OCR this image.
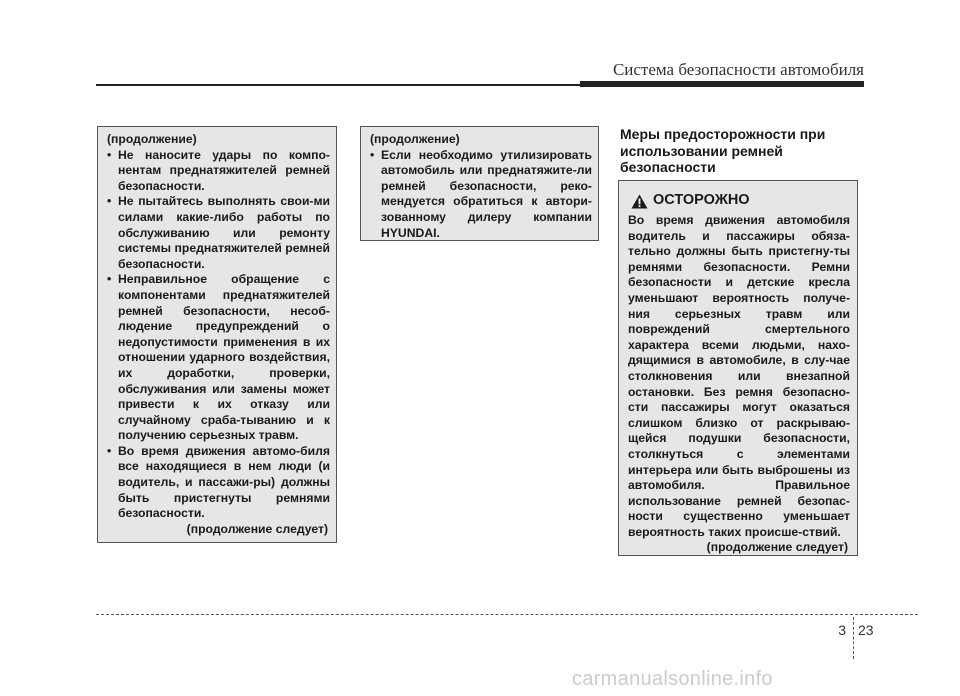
Система безопасности автомобиля
(продолжение)
• Не наносите удары по компо-нентам преднатяжителей ремней безопасности.
• Не пытайтесь выполнять свои-ми силами какие-либо работы по обслуживанию или ремонту системы преднатяжителей ремней безопасности.
• Неправильное обращение с компонентами преднатяжителей ремней безопасности, несоб-людение предупреждений о недопустимости применения в их отношении ударного воздействия, их доработки, проверки, обслуживания или замены может привести к их отказу или случайному сраба-тыванию и к получению серьезных травм.
• Во время движения автомо-биля все находящиеся в нем люди (и водитель, и пассажи-ры) должны быть пристегнуты ремнями безопасности.
(продолжение следует)
(продолжение)
• Если необходимо утилизировать автомобиль или преднатяжите-ли ремней безопасности, реко-мендуется обратиться к автори-зованному дилеру компании HYUNDAI.
Меры предосторожности при использовании ремней безопасности
ОСТОРОЖНО

Во время движения автомобиля водитель и пассажиры обяза-тельно должны быть пристегну-ты ремнями безопасности. Ремни безопасности и детские кресла уменьшают вероятность получе-ния серьезных травм или повреждений смертельного характера всеми людьми, нахо-дящимися в автомобиле, в слу-чае столкновения или внезапной остановки. Без ремня безопасно-сти пассажиры могут оказаться слишком близко от раскрываю-щейся подушки безопасности, столкнуться с элементами интерьера или быть выброшены из автомобиля. Правильное использование ремней безопас-ности существенно уменьшает вероятность таких происше-ствий.

(продолжение следует)
3 23
carmanualsonline.info
